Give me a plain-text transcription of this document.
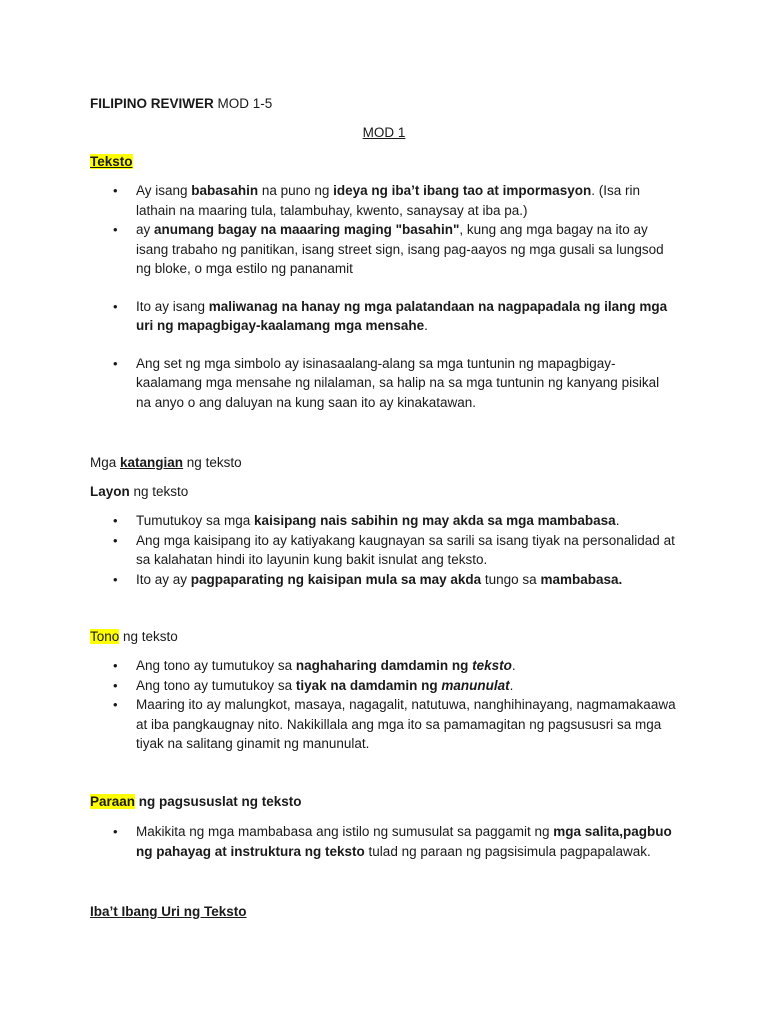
FILIPINO REVIWER MOD 1-5
MOD 1
Teksto
• Ay isang babasahin na puno ng ideya ng iba’t ibang tao at impormasyon. (Isa rin lathain na maaring tula, talambuhay, kwento, sanaysay at iba pa.)
• ay anumang bagay na maaaring maging "basahin", kung ang mga bagay na ito ay isang trabaho ng panitikan, isang street sign, isang pag-aayos ng mga gusali sa lungsod ng bloke, o mga estilo ng pananamit
• Ito ay isang maliwanag na hanay ng mga palatandaan na nagpapadala ng ilang mga uri ng mapagbigay-kaalamang mga mensahe.
• Ang set ng mga simbolo ay isinasaalang-alang sa mga tuntunin ng mapagbigay-kaalamang mga mensahe ng nilalaman, sa halip na sa mga tuntunin ng kanyang pisikal na anyo o ang daluyan na kung saan ito ay kinakatawan.
Mga katangian ng teksto
Layon ng teksto
• Tumutukoy sa mga kaisipang nais sabihin ng may akda sa mga mambabasa.
• Ang mga kaisipang ito ay katiyakang kaugnayan sa sarili sa isang tiyak na personalidad at sa kalahatan hindi ito layunin kung bakit isnulat ang teksto.
• Ito ay ay pagpaparating ng kaisipan mula sa may akda tungo sa mambabasa.
Tono ng teksto
• Ang tono ay tumutukoy sa naghaharing damdamin ng teksto.
• Ang tono ay tumutukoy sa tiyak na damdamin ng manunulat.
• Maaring ito ay malungkot, masaya, nagagalit, natutuwa, nanghihinayang, nagmamakaawa at iba pangkaugnay nito. Nakikillala ang mga ito sa pamamagitan ng pagsususri sa mga tiyak na salitang ginamit ng manunulat.
Paraan ng pagsususlat ng teksto
• Makikita ng mga mambabasa ang istilo ng sumusulat sa paggamit ng mga salita,pagbuo ng pahayag at instruktura ng teksto tulad ng paraan ng pagsisimula pagpapalawak.
Iba’t Ibang Uri ng Teksto
